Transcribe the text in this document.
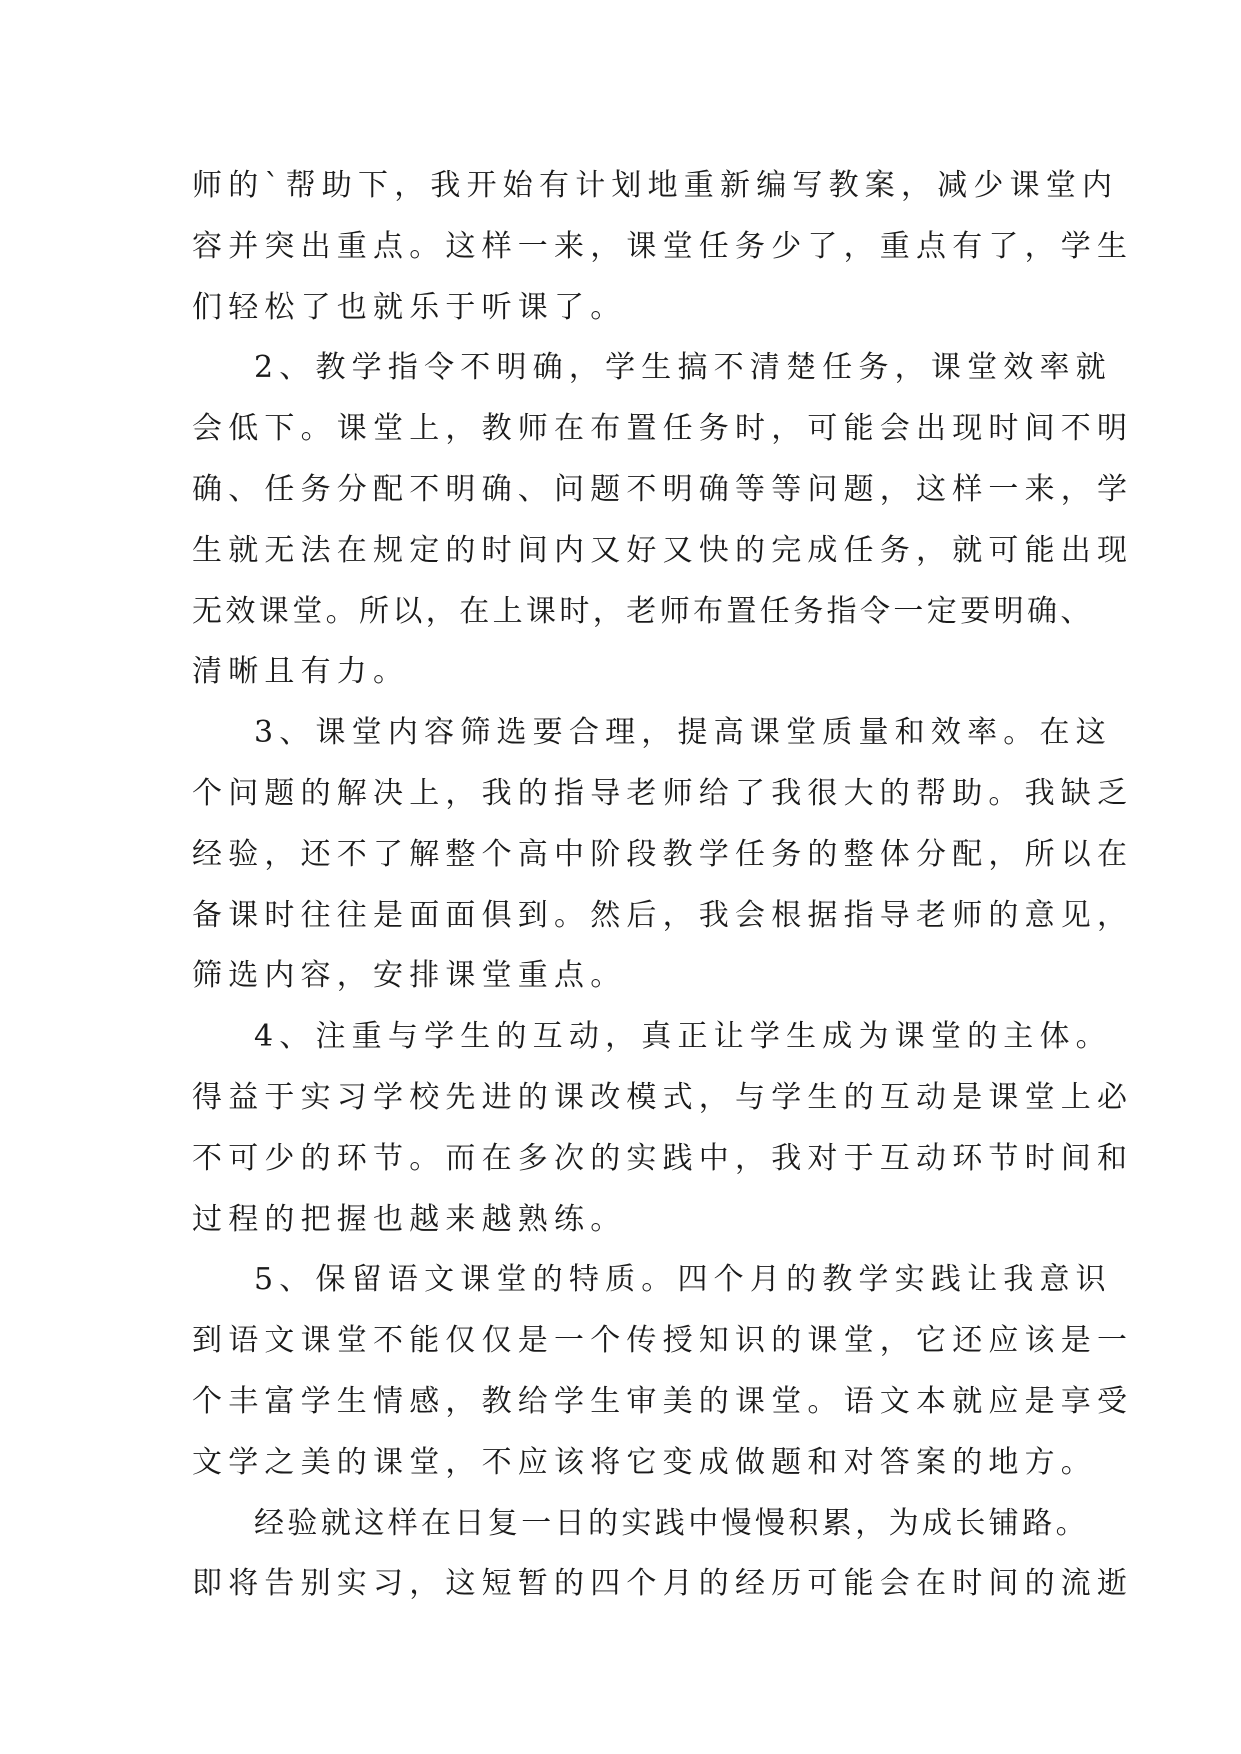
师的`帮助下，我开始有计划地重新编写教案，减少课堂内
容并突出重点。这样一来，课堂任务少了，重点有了，学生
们轻松了也就乐于听课了。
2、教学指令不明确，学生搞不清楚任务，课堂效率就
会低下。课堂上，教师在布置任务时，可能会出现时间不明
确、任务分配不明确、问题不明确等等问题，这样一来，学
生就无法在规定的时间内又好又快的完成任务，就可能出现
无效课堂。所以，在上课时，老师布置任务指令一定要明确、
清晰且有力。
3、课堂内容筛选要合理，提高课堂质量和效率。在这
个问题的解决上，我的指导老师给了我很大的帮助。我缺乏
经验，还不了解整个高中阶段教学任务的整体分配，所以在
备课时往往是面面俱到。然后，我会根据指导老师的意见，
筛选内容，安排课堂重点。
4、注重与学生的互动，真正让学生成为课堂的主体。
得益于实习学校先进的课改模式，与学生的互动是课堂上必
不可少的环节。而在多次的实践中，我对于互动环节时间和
过程的把握也越来越熟练。
5、保留语文课堂的特质。四个月的教学实践让我意识
到语文课堂不能仅仅是一个传授知识的课堂，它还应该是一
个丰富学生情感，教给学生审美的课堂。语文本就应是享受
文学之美的课堂，不应该将它变成做题和对答案的地方。
经验就这样在日复一日的实践中慢慢积累，为成长铺路。
即将告别实习，这短暂的四个月的经历可能会在时间的流逝
